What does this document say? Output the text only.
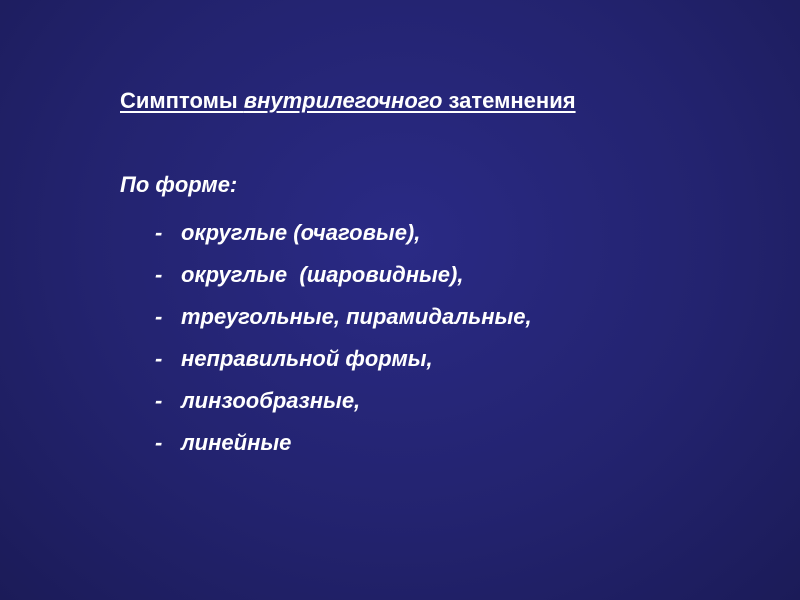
Симптомы внутрилегочного затемнения
По форме:
- округлые (очаговые),
- округлые  (шаровидные),
- треугольные, пирамидальные,
- неправильной формы,
- линзообразные,
- линейные
